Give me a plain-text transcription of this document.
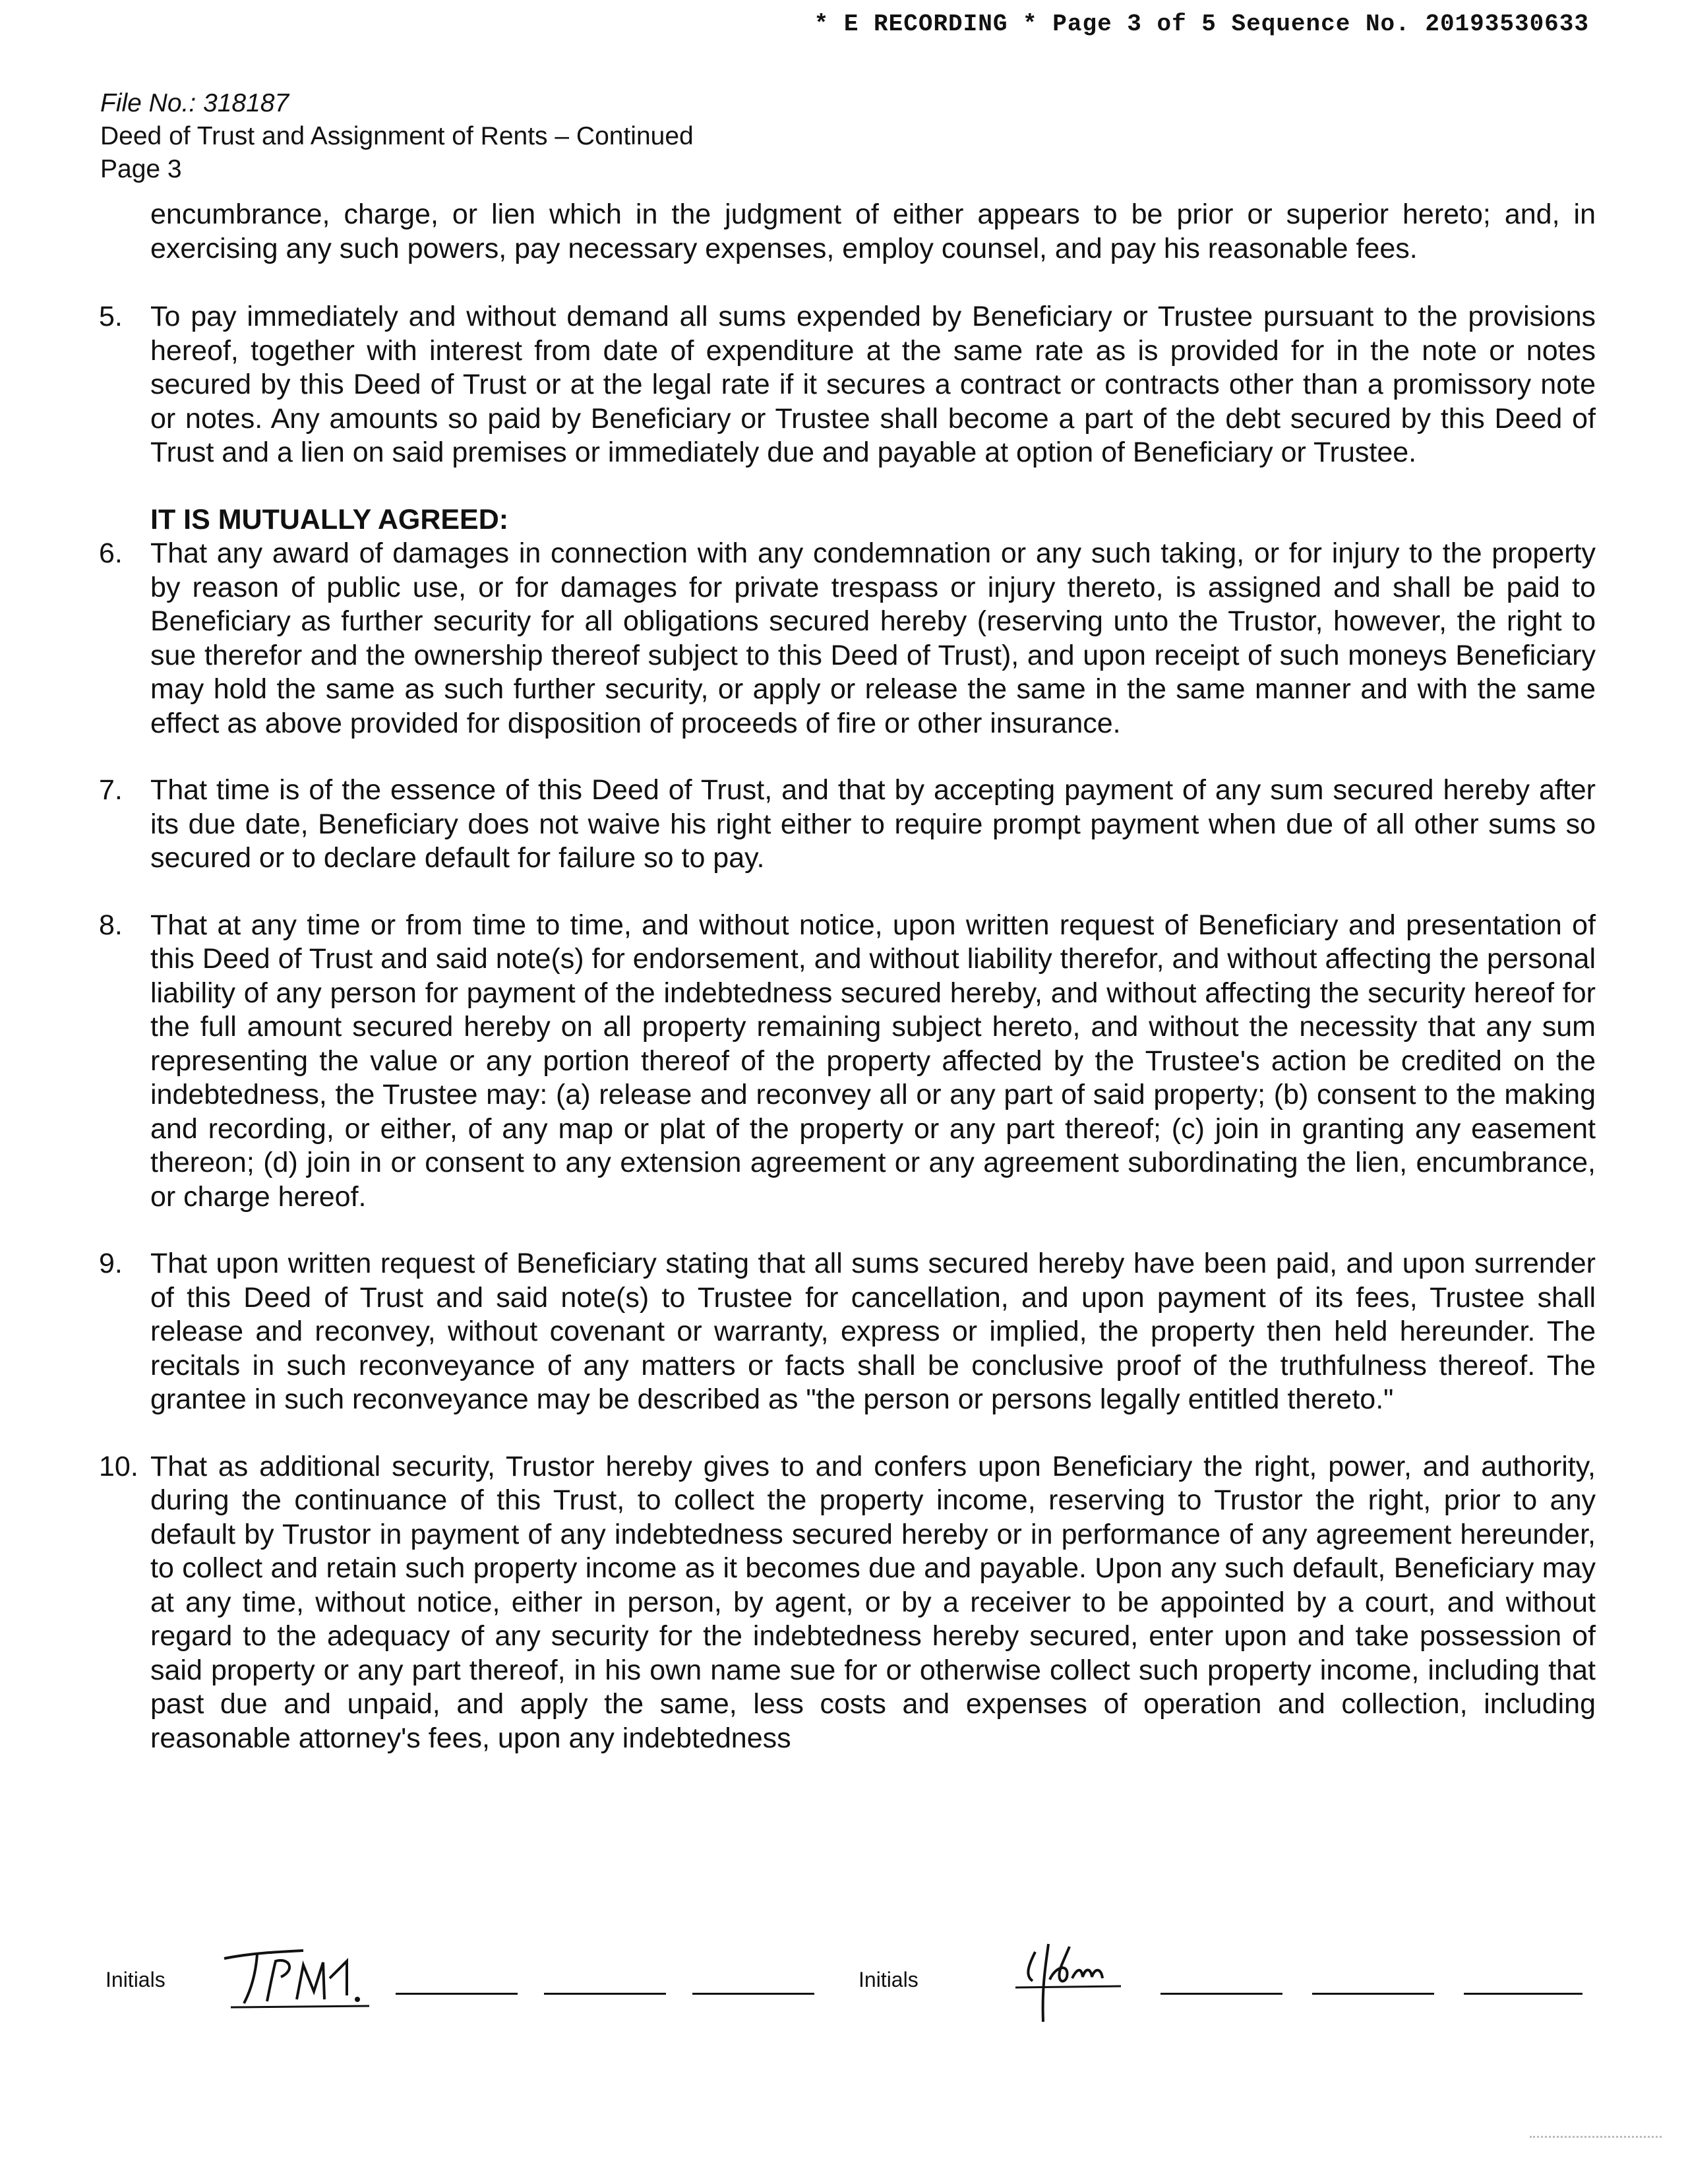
* E RECORDING * Page 3 of 5 Sequence No. 20193530633
File No.: 318187
Deed of Trust and Assignment of Rents – Continued
Page 3
encumbrance, charge, or lien which in the judgment of either appears to be prior or superior hereto; and, in exercising any such powers, pay necessary expenses, employ counsel, and pay his reasonable fees.
5. To pay immediately and without demand all sums expended by Beneficiary or Trustee pursuant to the provisions hereof, together with interest from date of expenditure at the same rate as is provided for in the note or notes secured by this Deed of Trust or at the legal rate if it secures a contract or contracts other than a promissory note or notes. Any amounts so paid by Beneficiary or Trustee shall become a part of the debt secured by this Deed of Trust and a lien on said premises or immediately due and payable at option of Beneficiary or Trustee.
IT IS MUTUALLY AGREED:
6. That any award of damages in connection with any condemnation or any such taking, or for injury to the property by reason of public use, or for damages for private trespass or injury thereto, is assigned and shall be paid to Beneficiary as further security for all obligations secured hereby (reserving unto the Trustor, however, the right to sue therefor and the ownership thereof subject to this Deed of Trust), and upon receipt of such moneys Beneficiary may hold the same as such further security, or apply or release the same in the same manner and with the same effect as above provided for disposition of proceeds of fire or other insurance.
7. That time is of the essence of this Deed of Trust, and that by accepting payment of any sum secured hereby after its due date, Beneficiary does not waive his right either to require prompt payment when due of all other sums so secured or to declare default for failure so to pay.
8. That at any time or from time to time, and without notice, upon written request of Beneficiary and presentation of this Deed of Trust and said note(s) for endorsement, and without liability therefor, and without affecting the personal liability of any person for payment of the indebtedness secured hereby, and without affecting the security hereof for the full amount secured hereby on all property remaining subject hereto, and without the necessity that any sum representing the value or any portion thereof of the property affected by the Trustee's action be credited on the indebtedness, the Trustee may: (a) release and reconvey all or any part of said property; (b) consent to the making and recording, or either, of any map or plat of the property or any part thereof; (c) join in granting any easement thereon; (d) join in or consent to any extension agreement or any agreement subordinating the lien, encumbrance, or charge hereof.
9. That upon written request of Beneficiary stating that all sums secured hereby have been paid, and upon surrender of this Deed of Trust and said note(s) to Trustee for cancellation, and upon payment of its fees, Trustee shall release and reconvey, without covenant or warranty, express or implied, the property then held hereunder. The recitals in such reconveyance of any matters or facts shall be conclusive proof of the truthfulness thereof. The grantee in such reconveyance may be described as "the person or persons legally entitled thereto."
10. That as additional security, Trustor hereby gives to and confers upon Beneficiary the right, power, and authority, during the continuance of this Trust, to collect the property income, reserving to Trustor the right, prior to any default by Trustor in payment of any indebtedness secured hereby or in performance of any agreement hereunder, to collect and retain such property income as it becomes due and payable. Upon any such default, Beneficiary may at any time, without notice, either in person, by agent, or by a receiver to be appointed by a court, and without regard to the adequacy of any security for the indebtedness hereby secured, enter upon and take possession of said property or any part thereof, in his own name sue for or otherwise collect such property income, including that past due and unpaid, and apply the same, less costs and expenses of operation and collection, including reasonable attorney's fees, upon any indebtedness
Initials	Initials
